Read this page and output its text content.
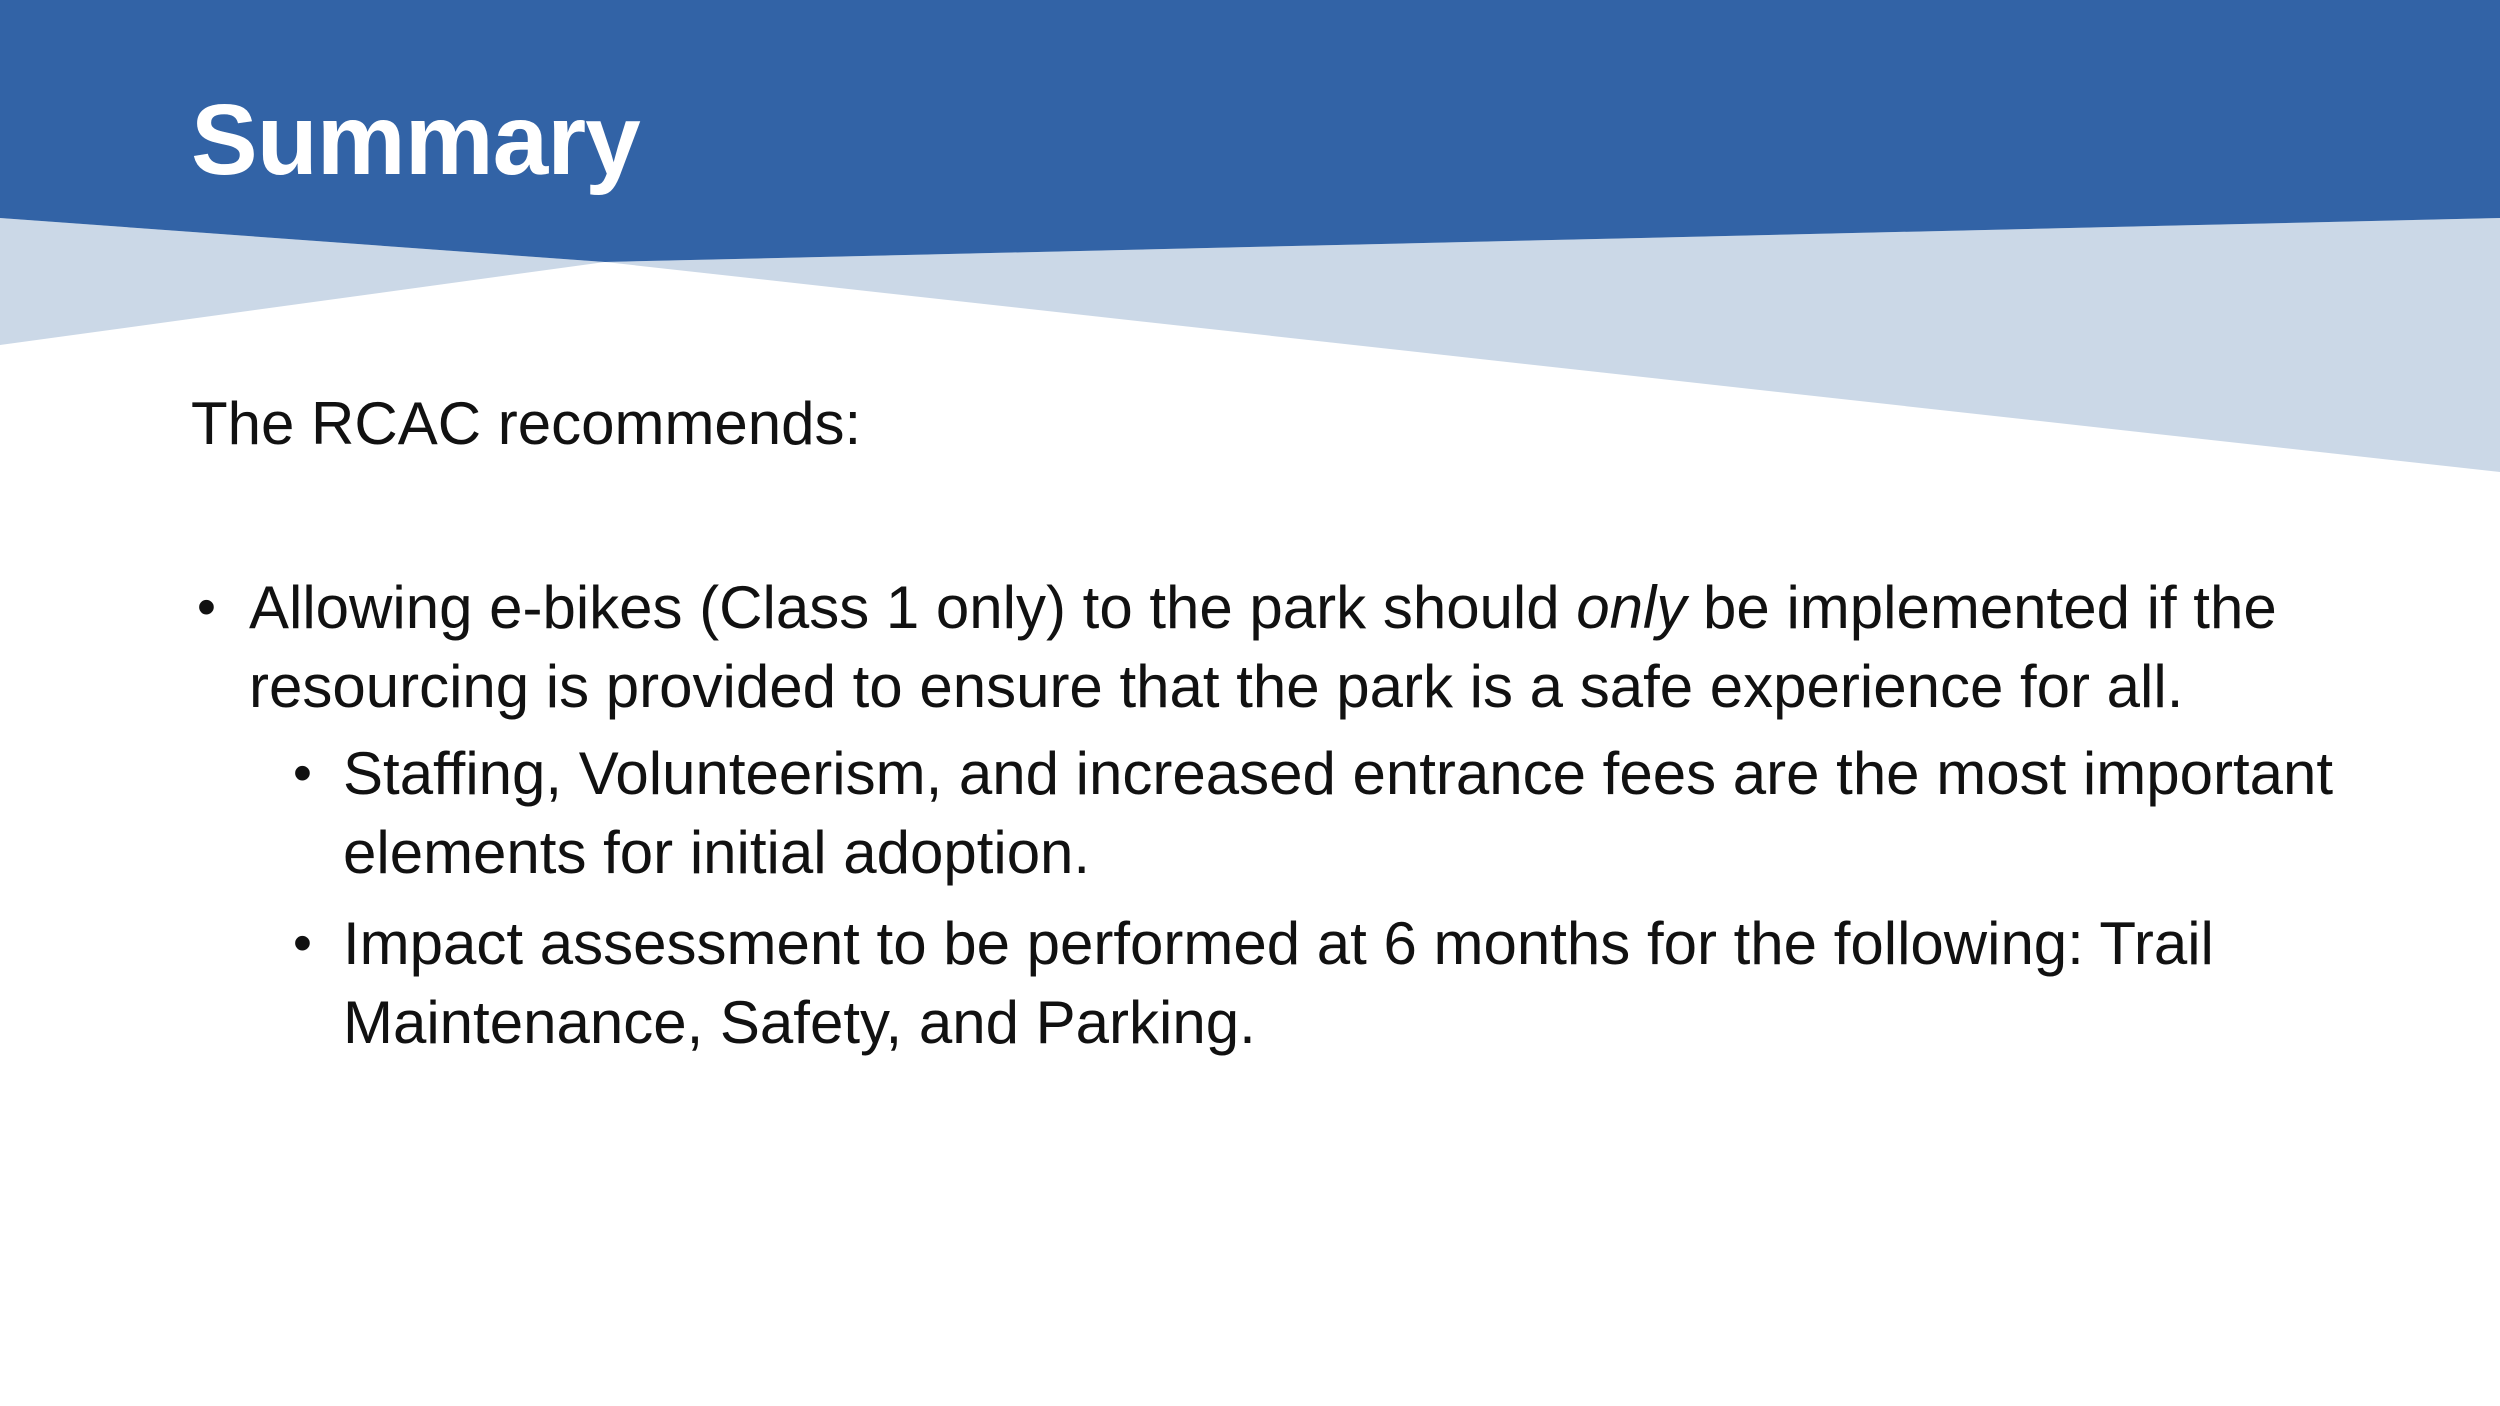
Summary

The RCAC recommends:

• Allowing e-bikes (Class 1 only) to the park should only be implemented if the resourcing is provided to ensure that the park is a safe experience for all.
• Staffing, Volunteerism, and increased entrance fees are the most important elements for initial adoption.
• Impact assessment to be performed at 6 months for the following: Trail Maintenance, Safety, and Parking.
